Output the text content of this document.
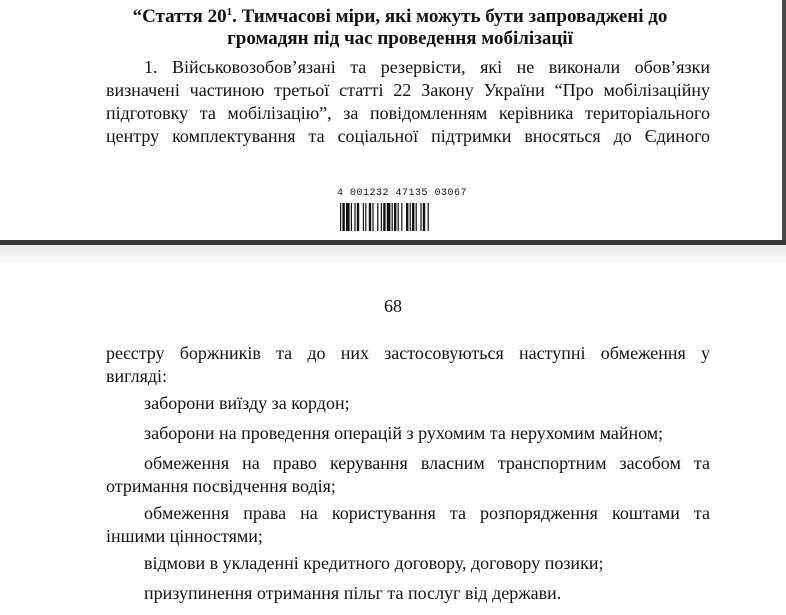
“Стаття $20^1$. Тимчасові міри, які можуть бути запроваджені до
громадян під час проведення мобілізації

1. Військовозобов’язані та резервісти, які не виконали обов’язки

визначені частиною третьої статті 22 Закону України “Про мобілізаційну

підготовку та мобілізацію”, за повідомленням керівника територіального

центру комплектування та соціальної підтримки вносяться до Єдиного

4 001232 47135 03067

68

реєстру боржників та до них застосовуються наступні обмеження у

вигляді:

заборони виїзду за кордон;

заборони на проведення операцій з рухомим та нерухомим майном;

обмеження на право керування власним транспортним засобом та

отримання посвідчення водія;

обмеження права на користування та розпорядження коштами та

іншими цінностями;

відмови в укладенні кредитного договору, договору позики;

призупинення отримання пільг та послуг від держави.
